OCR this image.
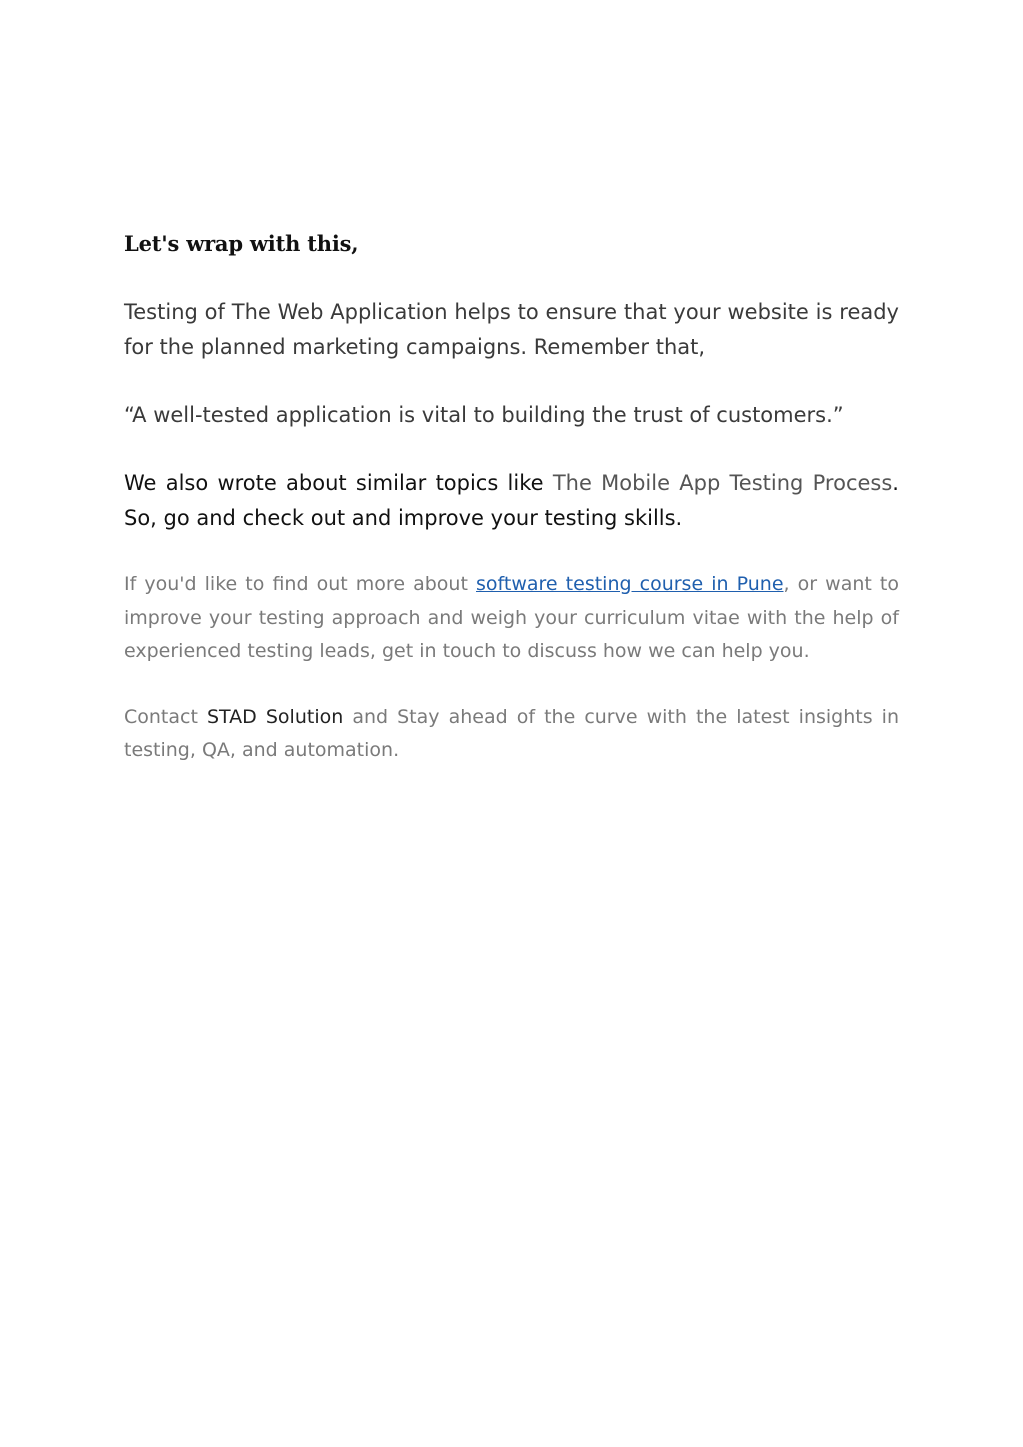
Let's wrap with this,

Testing of The Web Application helps to ensure that your website is ready for the planned marketing campaigns. Remember that,

“A well-tested application is vital to building the trust of customers.”

We also wrote about similar topics like The Mobile App Testing Process. So, go and check out and improve your testing skills.

If you'd like to find out more about software testing course in Pune, or want to improve your testing approach and weigh your curriculum vitae with the help of experienced testing leads, get in touch to discuss how we can help you.

Contact STAD Solution and Stay ahead of the curve with the latest insights in testing, QA, and automation.
